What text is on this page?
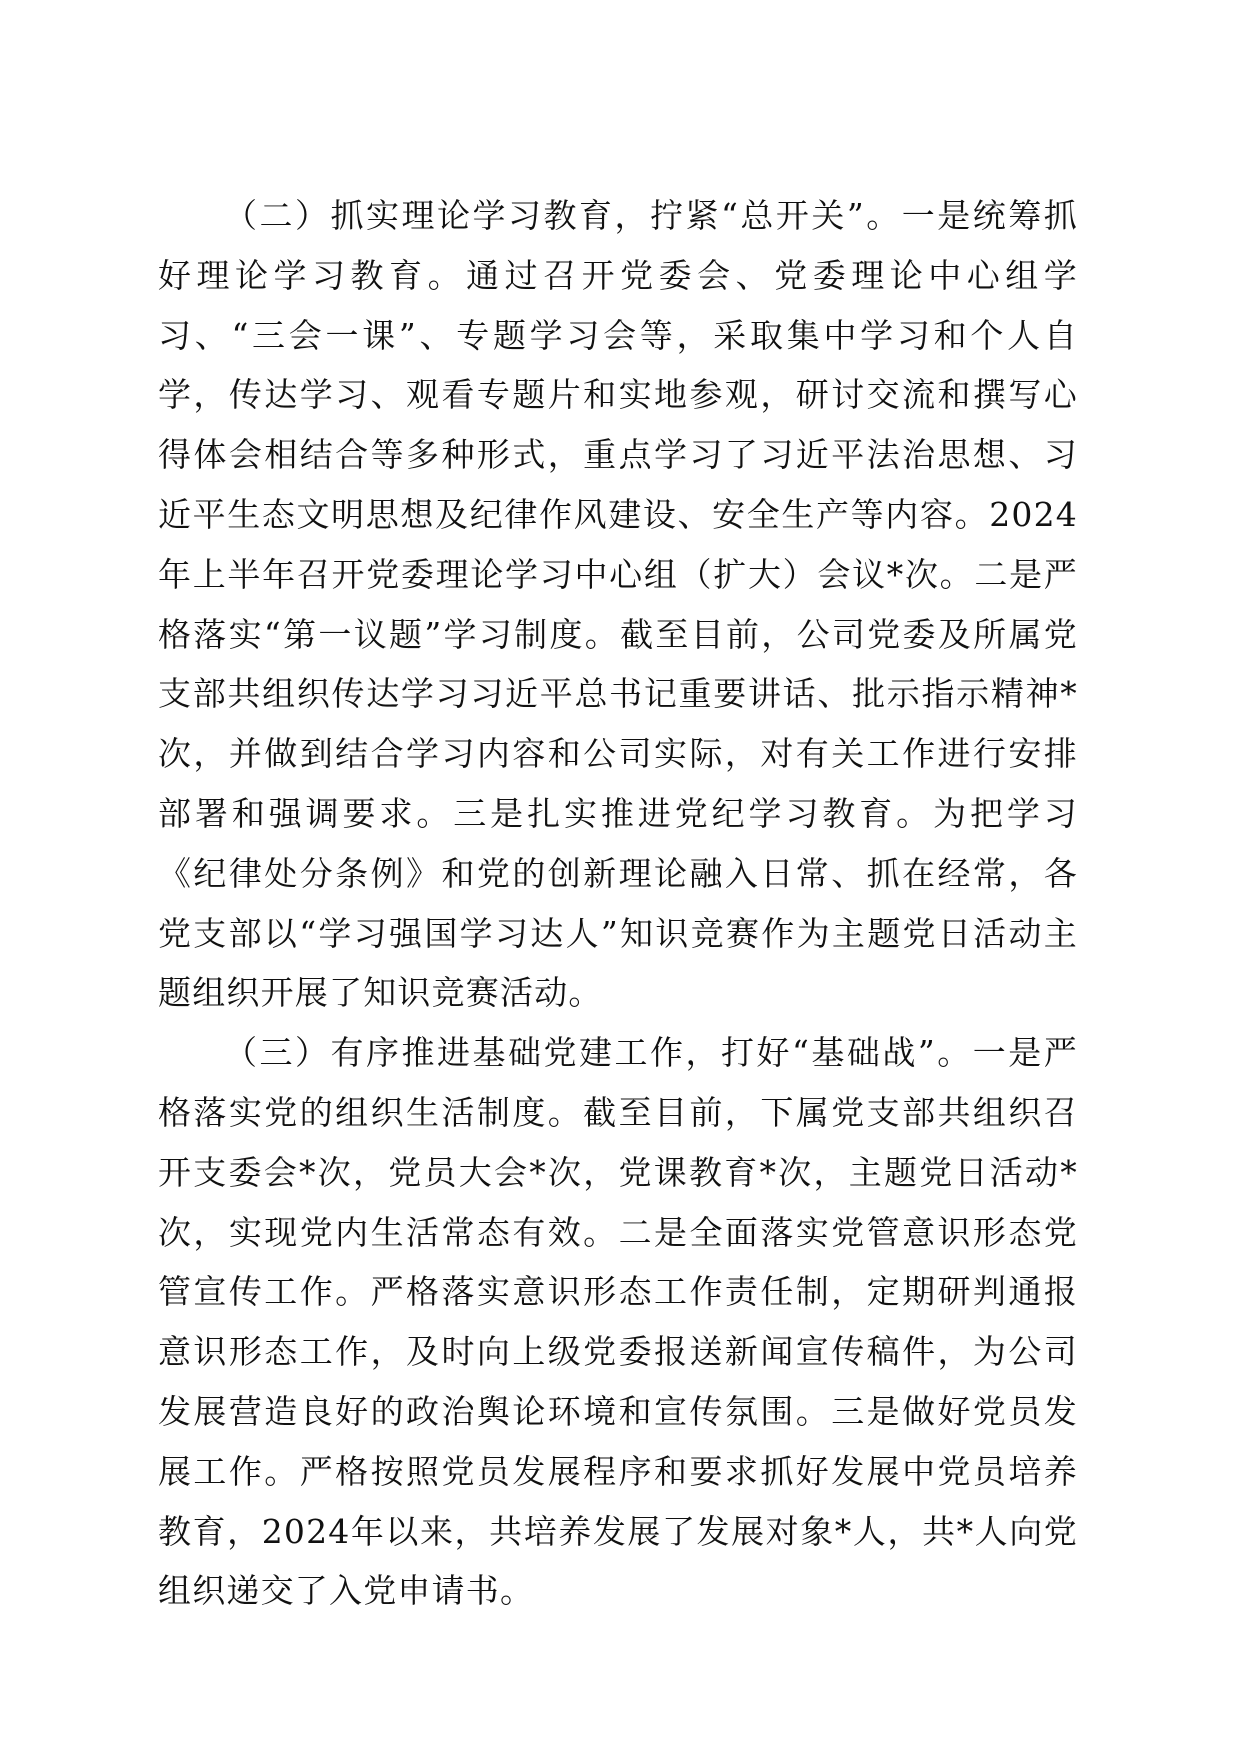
（二）抓实理论学习教育，拧紧“总开关”。一是统筹抓好理论学习教育。通过召开党委会、党委理论中心组学习、“三会一课”、专题学习会等，采取集中学习和个人自学，传达学习、观看专题片和实地参观，研讨交流和撰写心得体会相结合等多种形式，重点学习了习近平法治思想、习近平生态文明思想及纪律作风建设、安全生产等内容。2024年上半年召开党委理论学习中心组（扩大）会议*次。二是严格落实“第一议题”学习制度。截至目前，公司党委及所属党支部共组织传达学习习近平总书记重要讲话、批示指示精神*次，并做到结合学习内容和公司实际，对有关工作进行安排部署和强调要求。三是扎实推进党纪学习教育。为把学习《纪律处分条例》和党的创新理论融入日常、抓在经常，各党支部以“学习强国学习达人”知识竞赛作为主题党日活动主题组织开展了知识竞赛活动。

（三）有序推进基础党建工作，打好“基础战”。一是严格落实党的组织生活制度。截至目前，下属党支部共组织召开支委会*次，党员大会*次，党课教育*次，主题党日活动*次，实现党内生活常态有效。二是全面落实党管意识形态党管宣传工作。严格落实意识形态工作责任制，定期研判通报意识形态工作，及时向上级党委报送新闻宣传稿件，为公司发展营造良好的政治舆论环境和宣传氛围。三是做好党员发展工作。严格按照党员发展程序和要求抓好发展中党员培养教育，2024年以来，共培养发展了发展对象*人，共*人向党组织递交了入党申请书。
